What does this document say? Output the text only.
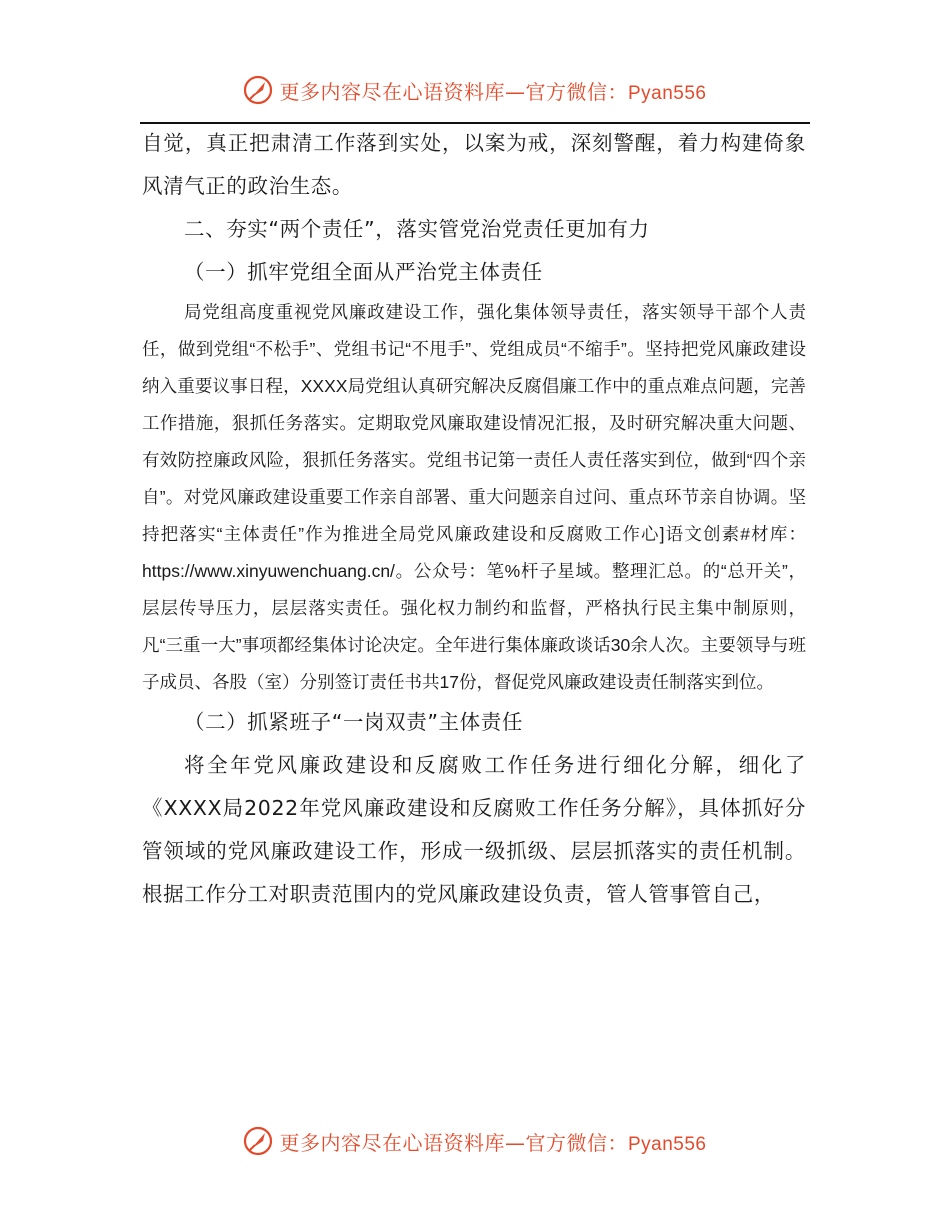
更多内容尽在心语资料库—官方微信：Pyan556

自觉，真正把肃清工作落到实处，以案为戒，深刻警醒，着力构建倚象风清气正的政治生态。

二、夯实“两个责任”，落实管党治党责任更加有力

（一）抓牢党组全面从严治党主体责任

局党组高度重视党风廉政建设工作，强化集体领导责任，落实领导干部个人责任，做到党组“不松手”、党组书记“不甩手”、党组成员“不缩手”。坚持把党风廉政建设纳入重要议事日程，XXXX局党组认真研究解决反腐倡廉工作中的重点难点问题，完善工作措施，狠抓任务落实。定期取党风廉取建设情况汇报，及时研究解决重大问题、有效防控廉政风险，狠抓任务落实。党组书记第一责任人责任落实到位，做到“四个亲自”。对党风廉政建设重要工作亲自部署、重大问题亲自过问、重点环节亲自协调。坚持把落实“主体责任”作为推进全局党风廉政建设和反腐败工作心]语文创素#材库：https://www.xinyuwenchuang.cn/。公众号：笔%杆子星域。整理汇总。的“总开关”，层层传导压力，层层落实责任。强化权力制约和监督，严格执行民主集中制原则，凡“三重一大”事项都经集体讨论决定。全年进行集体廉政谈话30余人次。主要领导与班子成员、各股（室）分别签订责任书共17份，督促党风廉政建设责任制落实到位。

（二）抓紧班子“一岗双责”主体责任

将全年党风廉政建设和反腐败工作任务进行细化分解，细化了《XXXX局2022年党风廉政建设和反腐败工作任务分解》，具体抓好分管领域的党风廉政建设工作，形成一级抓级、层层抓落实的责任机制。根据工作分工对职责范围内的党风廉政建设负责，管人管事管自己，

更多内容尽在心语资料库—官方微信：Pyan556
